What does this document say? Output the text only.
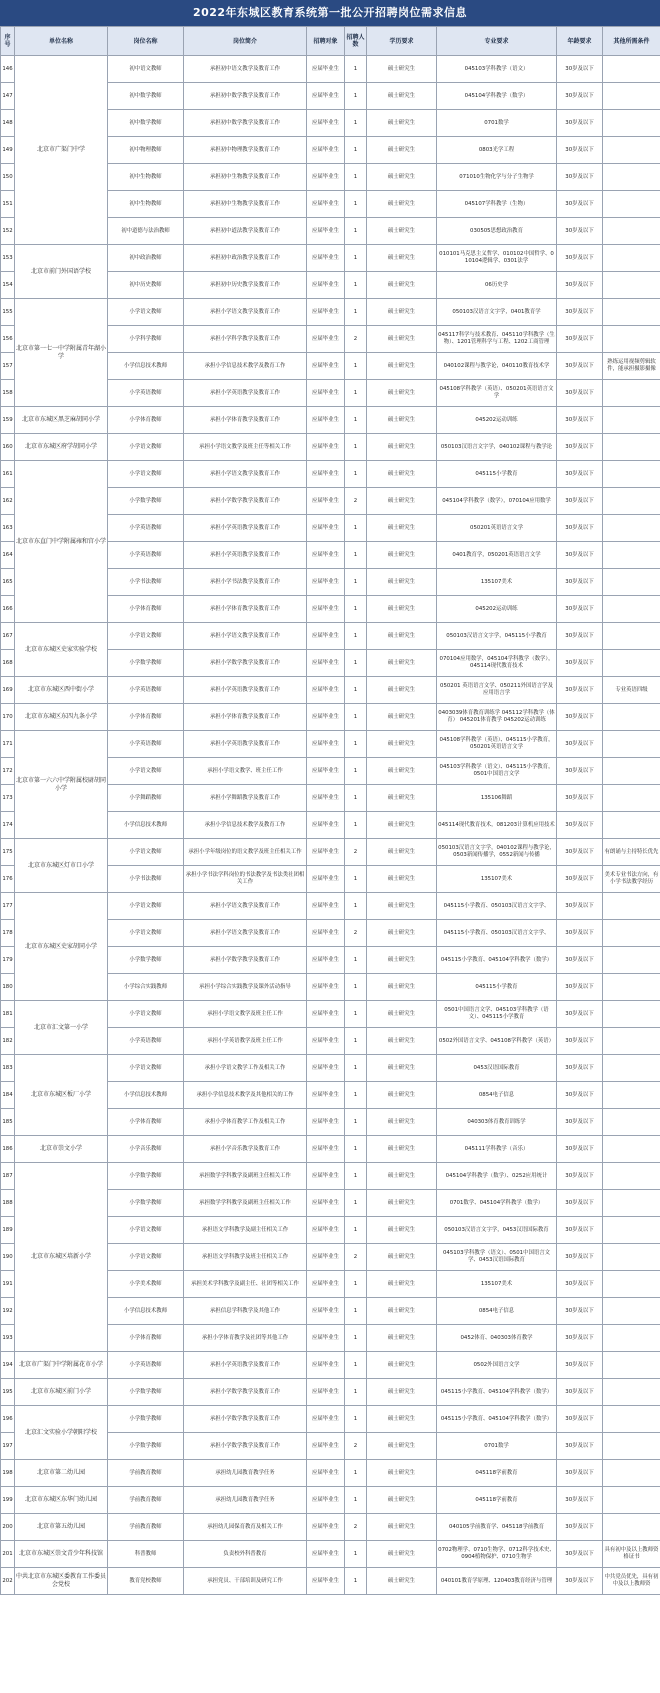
2022年东城区教育系统第一批公开招聘岗位需求信息
序号	单位名称	岗位名称	岗位简介	招聘对象	招聘人数	学历要求	专业要求	年龄要求	其他所需条件
146	北京市广渠门中学	初中语文教师	承担初中语文教学及教育工作	应届毕业生	1	硕士研究生	045103学科教学（语文）	30岁及以下	
147		初中数学教师	承担初中数学教学及教育工作	应届毕业生	1	硕士研究生	045104学科教学（数学）	30岁及以下	
148		初中数学教师	承担初中数学教学及教育工作	应届毕业生	1	硕士研究生	0701数学	30岁及以下	
149		初中物理教师	承担初中物理教学及教育工作	应届毕业生	1	硕士研究生	0803光学工程	30岁及以下	
150		初中生物教师	承担初中生物教学及教育工作	应届毕业生	1	硕士研究生	071010生物化学与分子生物学	30岁及以下	
151		初中生物教师	承担初中生物教学及教育工作	应届毕业生	1	硕士研究生	045107学科教学（生物）	30岁及以下	
152		初中道德与法治教师	承担初中道法教学及教育工作	应届毕业生	1	硕士研究生	030505思想政治教育	30岁及以下	
153	北京市前门外国语学校	初中政治教师	承担初中政治教学及教育工作	应届毕业生	1	硕士研究生	010101马克思主义哲学、010102中国哲学、010104逻辑学、0301法学	30岁及以下	
154		初中历史教师	承担初中历史教学及教育工作	应届毕业生	1	硕士研究生	06历史学	30岁及以下	
155	北京市第一七一中学附属青年湖小学	小学语文教师	承担小学语文教学及教育工作	应届毕业生	1	硕士研究生	050103汉语言文字学，0401教育学	30岁及以下	
156		小学科学教师	承担小学科学教学及教育工作	应届毕业生	2	硕士研究生	045117科学与技术教育、045110学科教学（生物）、1201管理科学与工程、1202工商管理	30岁及以下	
157		小学信息技术教师	承担小学信息技术教学及教育工作	应届毕业生	1	硕士研究生	040102课程与教学论，040110教育技术学	30岁及以下	熟练运用视频剪辑软件，能承担摄影摄像
158		小学英语教师	承担小学英语教学及教育工作	应届毕业生	1	硕士研究生	045108学科教学（英语）、050201英语语言文学	30岁及以下	
159	北京市东城区黑芝麻胡同小学	小学体育教师	承担小学体育教学及教育工作	应届毕业生	1	硕士研究生	045202运动训练	30岁及以下	
160	北京市东城区府学胡同小学	小学语文教师	承担小学语文教学及班主任等相关工作	应届毕业生	1	硕士研究生	050103汉语言文字学，040102课程与教学论	30岁及以下	
161	北京市东直门中学附属雍和宫小学	小学语文教师	承担小学语文教学及教育工作	应届毕业生	1	硕士研究生	045115小学教育	30岁及以下	
162		小学数学教师	承担小学数学教学及教育工作	应届毕业生	2	硕士研究生	045104学科教学（数学），070104应用数学	30岁及以下	
163		小学英语教师	承担小学英语教学及教育工作	应届毕业生	1	硕士研究生	050201英语语言文学	30岁及以下	
164		小学英语教师	承担小学英语教学及教育工作	应届毕业生	1	硕士研究生	0401教育学，050201英语语言文学	30岁及以下	
165		小学书法教师	承担小学书法教学及教育工作	应届毕业生	1	硕士研究生	135107美术	30岁及以下	
166		小学体育教师	承担小学体育教学及教育工作	应届毕业生	1	硕士研究生	045202运动训练	30岁及以下	
167	北京市东城区史家实验学校	小学语文教师	承担小学语文教学及教育工作	应届毕业生	1	硕士研究生	050103汉语言文字学，045115小学教育	30岁及以下	
168		小学数学教师	承担小学数学教学及教育工作	应届毕业生	1	硕士研究生	070104应用数学，045104学科教学（数学），045114现代教育技术	30岁及以下	
169	北京市东城区西中街小学	小学英语教师	承担小学英语教学及教育工作	应届毕业生	1	硕士研究生	050201 英语语言文学、050211外国语言学及应用语言学	30岁及以下	专业英语四级
170	北京市东城区东四九条小学	小学体育教师	承担小学体育教学及教育工作	应届毕业生	1	硕士研究生	0403039体育教育训练学 045112学科教学（体育） 045201体育教学 045202运动训练	30岁及以下	
171	北京市第一六六中学附属校尉胡同小学	小学英语教师	承担小学英语教学及教育工作	应届毕业生	1	硕士研究生	045108学科教学（英语）、045115小学教育，050201英语语言文学	30岁及以下	
172		小学语文教师	承担小学语文教学、班主任工作	应届毕业生	1	硕士研究生	045103学科教学（语文）、045115小学教育，0501中国语言文学	30岁及以下	
173		小学舞蹈教师	承担小学舞蹈教学及教育工作	应届毕业生	1	硕士研究生	135106舞蹈	30岁及以下	
174		小学信息技术教师	承担小学信息技术教学及教育工作	应届毕业生	1	硕士研究生	045114现代教育技术，081203计算机应用技术	30岁及以下	
175	北京市东城区灯市口小学	小学语文教师	承担小学年级岗位的语文教学及班主任相关工作	应届毕业生	2	硕士研究生	050103汉语言文字学，040102课程与教学论，0503新闻传播学，0552新闻与传播	30岁及以下	有朗诵与主持特长优先
176		小学书法教师	承担小学书法学科岗位的书法教学及书法类社团相关工作	应届毕业生	1	硕士研究生	135107美术	30岁及以下	美术专业书法方向，有小学书法教学经历
177	北京市东城区史家胡同小学	小学语文教师	承担小学语文教学及教育工作	应届毕业生	1	硕士研究生	045115小学教育、050103汉语言文字学、	30岁及以下	
178		小学语文教师	承担小学语文教学及教育工作	应届毕业生	2	硕士研究生	045115小学教育、050103汉语言文字学、	30岁及以下	
179		小学数学教师	承担小学数学教学及教育工作	应届毕业生	1	硕士研究生	045115小学教育、045104学科教学（数学）	30岁及以下	
180		小学综合实践教师	承担小学综合实践教学及课外活动指导	应届毕业生	1	硕士研究生	045115小学教育	30岁及以下	
181	北京市汇文第一小学	小学语文教师	承担小学语文教学及班主任工作	应届毕业生	1	硕士研究生	0501中国语言文学、045103学科教学（语文）、045115小学教育	30岁及以下	
182		小学英语教师	承担小学英语教学及班主任工作	应届毕业生	1	硕士研究生	0502外国语言文学、045108学科教学（英语）	30岁及以下	
183	北京市东城区板厂小学	小学语文教师	承担小学语文教学工作及相关工作	应届毕业生	1	硕士研究生	0453汉语国际教育	30岁及以下	
184		小学信息技术教师	承担小学信息技术教学及其他相关的工作	应届毕业生	1	硕士研究生	0854电子信息	30岁及以下	
185		小学体育教师	承担小学体育教学工作及相关工作	应届毕业生	1	硕士研究生	040303体育教育训练学	30岁及以下	
186	北京市崇文小学	小学音乐教师	承担小学音乐教学及教育工作	应届毕业生	1	硕士研究生	045111学科教学（音乐）	30岁及以下	
187	北京市东城区培新小学	小学数学教师	承担数学学科教学及副班主任相关工作	应届毕业生	1	硕士研究生	045104学科教学（数学）、0252应用统计	30岁及以下	
188		小学数学教师	承担数学学科教学及副班主任相关工作	应届毕业生	1	硕士研究生	0701数学、045104学科教学（数学）	30岁及以下	
189		小学语文教师	承担语文学科教学及副主任相关工作	应届毕业生	1	硕士研究生	050103汉语言文字学，0453汉语国际教育	30岁及以下	
190		小学语文教师	承担语文学科教学及班主任相关工作	应届毕业生	2	硕士研究生	045103学科教学（语文）、0501中国语言文学、0453汉语国际教育	30岁及以下	
191		小学美术教师	承担美术学科教学及副主任、社团等相关工作	应届毕业生	1	硕士研究生	135107美术	30岁及以下	
192		小学信息技术教师	承担信息学科教学及其他工作	应届毕业生	1	硕士研究生	0854电子信息	30岁及以下	
193		小学体育教师	承担小学体育教学及社团等其他工作	应届毕业生	1	硕士研究生	0452体育、040303体育教学	30岁及以下	
194	北京市广渠门中学附属花市小学	小学英语教师	承担小学英语教学及教育工作	应届毕业生	1	硕士研究生	0502外国语言文学	30岁及以下	
195	北京市东城区前门小学	小学数学教师	承担小学数学教学及教育工作	应届毕业生	1	硕士研究生	045115小学教育、045104学科教学（数学）	30岁及以下	
196	北京汇文实验小学朝阳学校	小学数学教师	承担小学数学教学及教育工作	应届毕业生	1	硕士研究生	045115小学教育、045104学科教学（数学）	30岁及以下	
197		小学数学教师	承担小学数学教学及教育工作	应届毕业生	2	硕士研究生	0701数学	30岁及以下	
198	北京市第二幼儿园	学前教育教师	承担幼儿园教育教学任务	应届毕业生	1	硕士研究生	045118学前教育	30岁及以下	
199	北京市东城区东华门幼儿园	学前教育教师	承担幼儿园教育教学任务	应届毕业生	1	硕士研究生	045118学前教育	30岁及以下	
200	北京市第五幼儿园	学前教育教师	承担幼儿园保育教育及相关工作	应届毕业生	2	硕士研究生	040105学前教育学、045118学前教育	30岁及以下	
201	北京市东城区崇文青少年科技馆	科普教师	负责校外科普教育	应届毕业生	1	硕士研究生	0702物理学、0710生物学、0712科学技术史、0904植物保护、0710生物学	30岁及以下	具有初中及以上教师资格证书
202	中共北京市东城区委教育工作委员会党校	教育党校教师	承担党员、干部培训及研究工作	应届毕业生	1	硕士研究生	040101教育学原理、120403教育经济与管理	30岁及以下	中共党员优先，具有初中及以上教师资
